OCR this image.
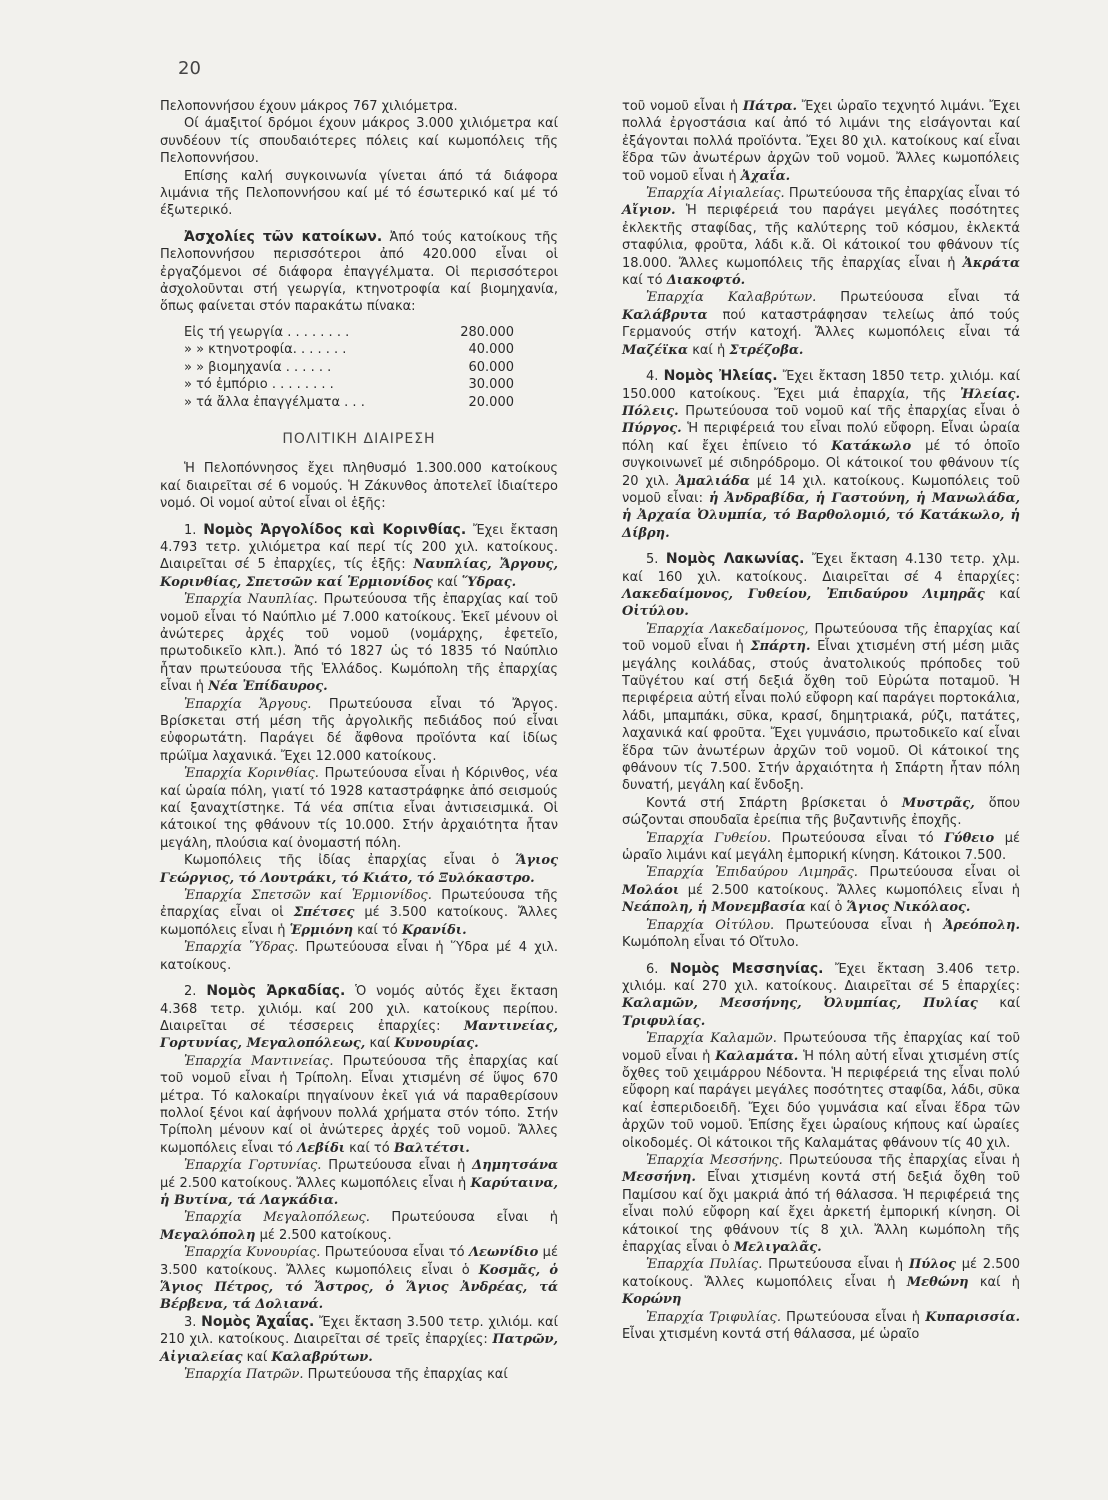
20

Πελοποννήσου έχουν μάκρος 767 χιλιόμετρα.

Οί άμαξιτοί δρόμοι έχουν μάκρος 3.000 χιλιόμετρα καί συνδέουν τίς σπουδαιότερες πόλεις καί κωμοπόλεις τῆς Πελοποννήσου.

Επίσης καλή συγκοινωνία γίνεται άπό τά διάφορα λιμάνια τῆς Πελοποννήσου καί μέ τό έσωτερικό καί μέ τό έξωτερικό.

Ἀσχολίες τῶν κατοίκων. Ἀπό τούς κατοίκους τῆς Πελοποννήσου περισσότεροι ἀπό 420.000 εἶναι οἱ ἐργαζόμενοι σέ διάφορα ἐπαγγέλματα. Οἱ περισσότεροι ἀσχολοῦνται στή γεωργία, κτηνοτροφία καί βιομηχανία, ὅπως φαίνεται στόν παρακάτω πίνακα:

Εἰς τή γεωργία . . . . . . . .	280.000
» » κτηνοτροφία. . . . . . .	40.000
» » βιομηχανία . . . . . .	60.000
» τό ἐμπόριο . . . . . . . .	30.000
» τά ἄλλα ἐπαγγέλματα . . .	20.000
ΠΟΛΙΤΙΚΗ ΔΙΑΙΡΕΣΗ

Ἡ Πελοπόννησος ἔχει πληθυσμό 1.300.000 κατοίκους καί διαιρεῖται σέ 6 νομούς. Ἡ Ζάκυνθος ἀποτελεῖ ἰδιαίτερο νομό. Οἱ νομοί αὐτοί εἶναι οἱ ἑξῆς:

1. Νομὸς Ἀργολίδος καὶ Κορινθίας. Ἔχει ἔκταση 4.793 τετρ. χιλιόμετρα καί περί τίς 200 χιλ. κατοίκους. Διαιρεῖται σέ 5 ἐπαρχίες, τίς ἑξῆς: Ναυπλίας, Ἄργους, Κορινθίας, Σπετσῶν καί Ἑρμιονίδος καί Ὕδρας.

Ἐπαρχία Ναυπλίας. Πρωτεύουσα τῆς ἐπαρχίας καί τοῦ νομοῦ εἶναι τό Ναύπλιο μέ 7.000 κατοίκους. Ἐκεῖ μένουν οἱ ἀνώτερες ἀρχές τοῦ νομοῦ (νομάρχης, ἐφετεῖο, πρωτοδικεῖο κλπ.). Ἀπό τό 1827 ὡς τό 1835 τό Ναύπλιο ἦταν πρωτεύουσα τῆς Ἑλλάδος. Κωμόπολη τῆς ἐπαρχίας εἶναι ἡ Νέα Ἐπίδαυρος.

Ἐπαρχία Ἄργους. Πρωτεύουσα εἶναι τό Ἄργος. Βρίσκεται στή μέση τῆς ἀργολικῆς πεδιάδος πού εἶναι εὐφορωτάτη. Παράγει δέ ἄφθονα προϊόντα καί ἰδίως πρώϊμα λαχανικά. Ἔχει 12.000 κατοίκους.

Ἐπαρχία Κορινθίας. Πρωτεύουσα εἶναι ἡ Κόρινθος, νέα καί ὡραία πόλη, γιατί τό 1928 καταστράφηκε ἀπό σεισμούς καί ξαναχτίστηκε. Τά νέα σπίτια εἶναι ἀντισεισμικά. Οἱ κάτοικοί της φθάνουν τίς 10.000. Στήν ἀρχαιότητα ἦταν μεγάλη, πλούσια καί ὀνομαστή πόλη.

Κωμοπόλεις τῆς ἰδίας ἐπαρχίας εἶναι ὁ Ἅγιος Γεώργιος, τό Λουτράκι, τό Κιάτο, τό Ξυλόκαστρο.

Ἐπαρχία Σπετσῶν καί Ἑρμιονίδος. Πρωτεύουσα τῆς ἐπαρχίας εἶναι οἱ Σπέτσες μέ 3.500 κατοίκους. Ἄλλες κωμοπόλεις εἶναι ἡ Ἑρμιόνη καί τό Κρανίδι.

Ἐπαρχία Ὕδρας. Πρωτεύουσα εἶναι ἡ Ὕδρα μέ 4 χιλ. κατοίκους.

2. Νομὸς Ἀρκαδίας. Ὁ νομός αὐτός ἔχει ἔκταση 4.368 τετρ. χιλιόμ. καί 200 χιλ. κατοίκους περίπου. Διαιρεῖται σέ τέσσερεις ἐπαρχίες: Μαντινείας, Γορτυνίας, Μεγαλοπόλεως, καί Κυνουρίας.

Ἐπαρχία Μαντινείας. Πρωτεύουσα τῆς ἐπαρχίας καί τοῦ νομοῦ εἶναι ἡ Τρίπολη. Εἶναι χτισμένη σέ ὕψος 670 μέτρα. Τό καλοκαίρι πηγαίνουν ἐκεῖ γιά νά παραθερίσουν πολλοί ξένοι καί ἀφήνουν πολλά χρήματα στόν τόπο. Στήν Τρίπολη μένουν καί οἱ ἀνώτερες ἀρχές τοῦ νομοῦ. Ἄλλες κωμοπόλεις εἶναι τό Λεβίδι καί τό Βαλτέτσι.

Ἐπαρχία Γορτυνίας. Πρωτεύουσα εἶναι ἡ Δημητσάνα μέ 2.500 κατοίκους. Ἄλλες κωμοπόλεις εἶναι ἡ Καρύταινα, ἡ Βυτίνα, τά Λαγκάδια.

Ἐπαρχία Μεγαλοπόλεως. Πρωτεύουσα εἶναι ἡ Μεγαλόπολη μέ 2.500 κατοίκους.

Ἐπαρχία Κυνουρίας. Πρωτεύουσα εἶναι τό Λεωνίδιο μέ 3.500 κατοίκους. Ἄλλες κωμοπόλεις εἶναι ὁ Κοσμᾶς, ὁ Ἅγιος Πέτρος, τό Ἄστρος, ὁ Ἅγιος Ἀνδρέας, τά Βέρβενα, τά Δολιανά.

3. Νομὸς Ἀχαΐας. Ἔχει ἔκταση 3.500 τετρ. χιλιόμ. καί 210 χιλ. κατοίκους. Διαιρεῖται σέ τρεῖς ἐπαρχίες: Πατρῶν, Αἰγιαλείας καί Καλαβρύτων.

Ἐπαρχία Πατρῶν. Πρωτεύουσα τῆς ἐπαρχίας καί

τοῦ νομοῦ εἶναι ἡ Πάτρα. Ἔχει ὡραῖο τεχνητό λιμάνι. Ἔχει πολλά ἐργοστάσια καί ἀπό τό λιμάνι της εἰσάγονται καί ἐξάγονται πολλά προϊόντα. Ἔχει 80 χιλ. κατοίκους καί εἶναι ἕδρα τῶν ἀνωτέρων ἀρχῶν τοῦ νομοῦ. Ἄλλες κωμοπόλεις τοῦ νομοῦ εἶναι ἡ Ἀχαΐα.

Ἐπαρχία Αἰγιαλείας. Πρωτεύουσα τῆς ἐπαρχίας εἶναι τό Αἴγιον. Ἡ περιφέρειά του παράγει μεγάλες ποσότητες ἐκλεκτῆς σταφίδας, τῆς καλύτερης τοῦ κόσμου, ἐκλεκτά σταφύλια, φροῦτα, λάδι κ.ἄ. Οἱ κάτοικοί του φθάνουν τίς 18.000. Ἄλλες κωμοπόλεις τῆς ἐπαρχίας εἶναι ἡ Ἀκράτα καί τό Διακοφτό.

Ἐπαρχία Καλαβρύτων. Πρωτεύουσα εἶναι τά Καλάβρυτα πού καταστράφησαν τελείως ἀπό τούς Γερμανούς στήν κατοχή. Ἄλλες κωμοπόλεις εἶναι τά Μαζέϊκα καί ἡ Στρέζοβα.

4. Νομὸς Ἠλείας. Ἔχει ἔκταση 1850 τετρ. χιλιόμ. καί 150.000 κατοίκους. Ἔχει μιά ἐπαρχία, τῆς Ἠλείας. Πόλεις. Πρωτεύουσα τοῦ νομοῦ καί τῆς ἐπαρχίας εἶναι ὁ Πύργος. Ἡ περιφέρειά του εἶναι πολύ εὔφορη. Εἶναι ὡραία πόλη καί ἔχει ἐπίνειο τό Κατάκωλο μέ τό ὁποῖο συγκοινωνεῖ μέ σιδηρόδρομο. Οἱ κάτοικοί του φθάνουν τίς 20 χιλ. Ἀμαλιάδα μέ 14 χιλ. κατοίκους. Κωμοπόλεις τοῦ νομοῦ εἶναι: ἡ Ἀνδραβίδα, ἡ Γαστούνη, ἡ Μανωλάδα, ἡ Ἀρχαία Ὀλυμπία, τό Βαρθολομιό, τό Κατάκωλο, ἡ Δίβρη.

5. Νομὸς Λακωνίας. Ἔχει ἔκταση 4.130 τετρ. χλμ. καί 160 χιλ. κατοίκους. Διαιρεῖται σέ 4 ἐπαρχίες: Λακεδαίμονος, Γυθείου, Ἐπιδαύρου Λιμηρᾶς καί Οἰτύλου.

Ἐπαρχία Λακεδαίμονος, Πρωτεύουσα τῆς ἐπαρχίας καί τοῦ νομοῦ εἶναι ἡ Σπάρτη. Εἶναι χτισμένη στή μέση μιᾶς μεγάλης κοιλάδας, στούς ἀνατολικούς πρόποδες τοῦ Ταϋγέτου καί στή δεξιά ὄχθη τοῦ Εὐρώτα ποταμοῦ. Ἡ περιφέρεια αὐτή εἶναι πολύ εὔφορη καί παράγει πορτοκάλια, λάδι, μπαμπάκι, σῦκα, κρασί, δημητριακά, ρύζι, πατάτες, λαχανικά καί φροῦτα. Ἔχει γυμνάσιο, πρωτοδικεῖο καί εἶναι ἕδρα τῶν ἀνωτέρων ἀρχῶν τοῦ νομοῦ. Οἱ κάτοικοί της φθάνουν τίς 7.500. Στήν ἀρχαιότητα ἡ Σπάρτη ἦταν πόλη δυνατή, μεγάλη καί ἔνδοξη.

Κοντά στή Σπάρτη βρίσκεται ὁ Μυστρᾶς, ὅπου σώζονται σπουδαῖα ἐρείπια τῆς βυζαντινῆς ἐποχῆς.

Ἐπαρχία Γυθείου. Πρωτεύουσα εἶναι τό Γύθειο μέ ὡραῖο λιμάνι καί μεγάλη ἐμπορική κίνηση. Κάτοικοι 7.500.

Ἐπαρχία Ἐπιδαύρου Λιμηρᾶς. Πρωτεύουσα εἶναι οἱ Μολάοι μέ 2.500 κατοίκους. Ἄλλες κωμοπόλεις εἶναι ἡ Νεάπολη, ἡ Μονεμβασία καί ὁ Ἅγιος Νικόλαος.

Ἐπαρχία Οἰτύλου. Πρωτεύουσα εἶναι ἡ Ἀρεόπολη. Κωμόπολη εἶναι τό Οἴτυλο.

6. Νομὸς Μεσσηνίας. Ἔχει ἔκταση 3.406 τετρ. χιλιόμ. καί 270 χιλ. κατοίκους. Διαιρεῖται σέ 5 ἐπαρχίες: Καλαμῶν, Μεσσήνης, Ὀλυμπίας, Πυλίας καί Τριφυλίας.

Ἐπαρχία Καλαμῶν. Πρωτεύουσα τῆς ἐπαρχίας καί τοῦ νομοῦ εἶναι ἡ Καλαμάτα. Ἡ πόλη αὐτή εἶναι χτισμένη στίς ὄχθες τοῦ χειμάρρου Νέδοντα. Ἡ περιφέρειά της εἶναι πολύ εὔφορη καί παράγει μεγάλες ποσότητες σταφίδα, λάδι, σῦκα καί ἐσπεριδοειδῆ. Ἔχει δύο γυμνάσια καί εἶναι ἕδρα τῶν ἀρχῶν τοῦ νομοῦ. Ἐπίσης ἔχει ὡραίους κήπους καί ὡραίες οἰκοδομές. Οἱ κάτοικοι τῆς Καλαμάτας φθάνουν τίς 40 χιλ.

Ἐπαρχία Μεσσήνης. Πρωτεύουσα τῆς ἐπαρχίας εἶναι ἡ Μεσσήνη. Εἶναι χτισμένη κοντά στή δεξιά ὄχθη τοῦ Παμίσου καί ὄχι μακριά ἀπό τή θάλασσα. Ἡ περιφέρειά της εἶναι πολύ εὔφορη καί ἔχει ἀρκετή ἐμπορική κίνηση. Οἱ κάτοικοί της φθάνουν τίς 8 χιλ. Ἄλλη κωμόπολη τῆς ἐπαρχίας εἶναι ὁ Μελιγαλᾶς.

Ἐπαρχία Πυλίας. Πρωτεύουσα εἶναι ἡ Πύλος μέ 2.500 κατοίκους. Ἄλλες κωμοπόλεις εἶναι ἡ Μεθώνη καί ἡ Κορώνη

Ἐπαρχία Τριφυλίας. Πρωτεύουσα εἶναι ἡ Κυπαρισσία. Εἶναι χτισμένη κοντά στή θάλασσα, μέ ὡραῖο
